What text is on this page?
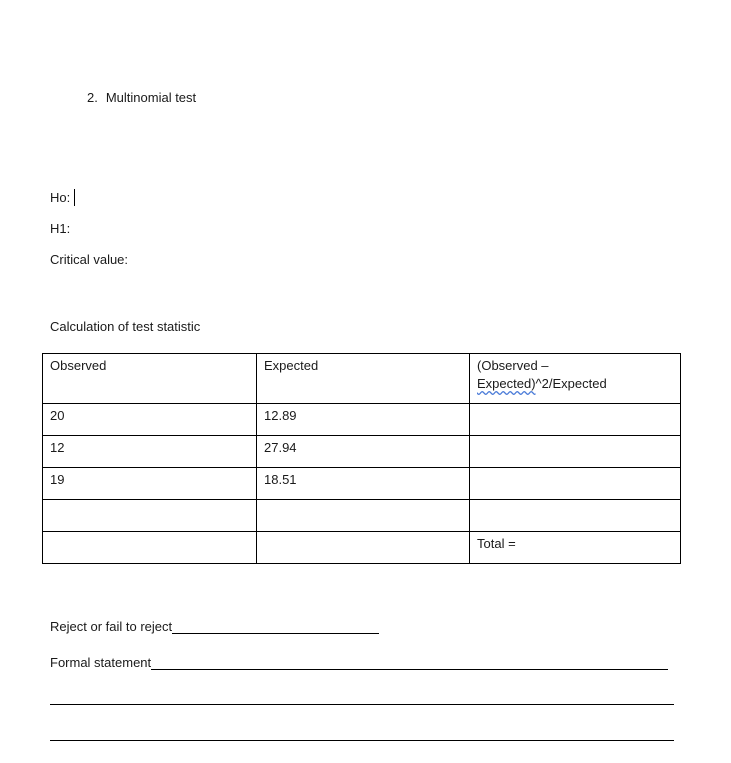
2. Multinomial test
Ho:
H1:
Critical value:
Calculation of test statistic
Observed	Expected	(Observed –
Expected)^2/Expected
20	12.89	
12	27.94	
19	18.51	

		Total =
Reject or fail to reject
Formal statement
